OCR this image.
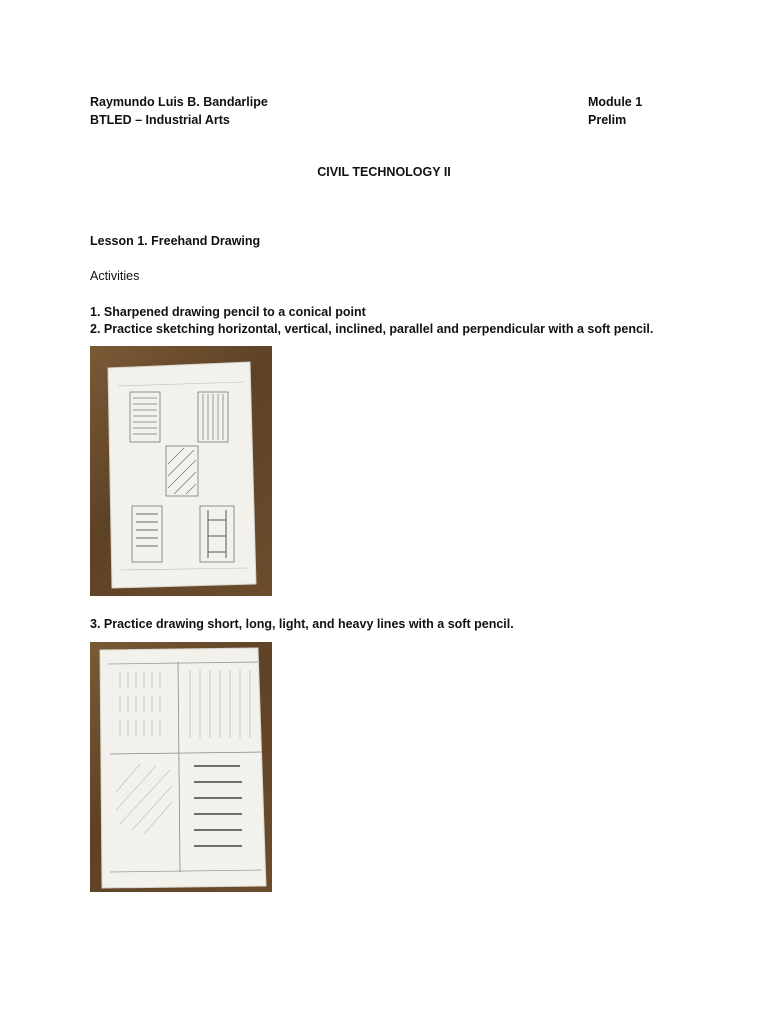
Raymundo Luis B. Bandarlipe
BTLED – Industrial Arts
Module 1
Prelim
CIVIL TECHNOLOGY II
Lesson 1. Freehand Drawing
Activities
1. Sharpened drawing pencil to a conical point
2. Practice sketching horizontal, vertical, inclined, parallel and perpendicular with a soft pencil.
3. Practice drawing short, long, light, and heavy lines with a soft pencil.
